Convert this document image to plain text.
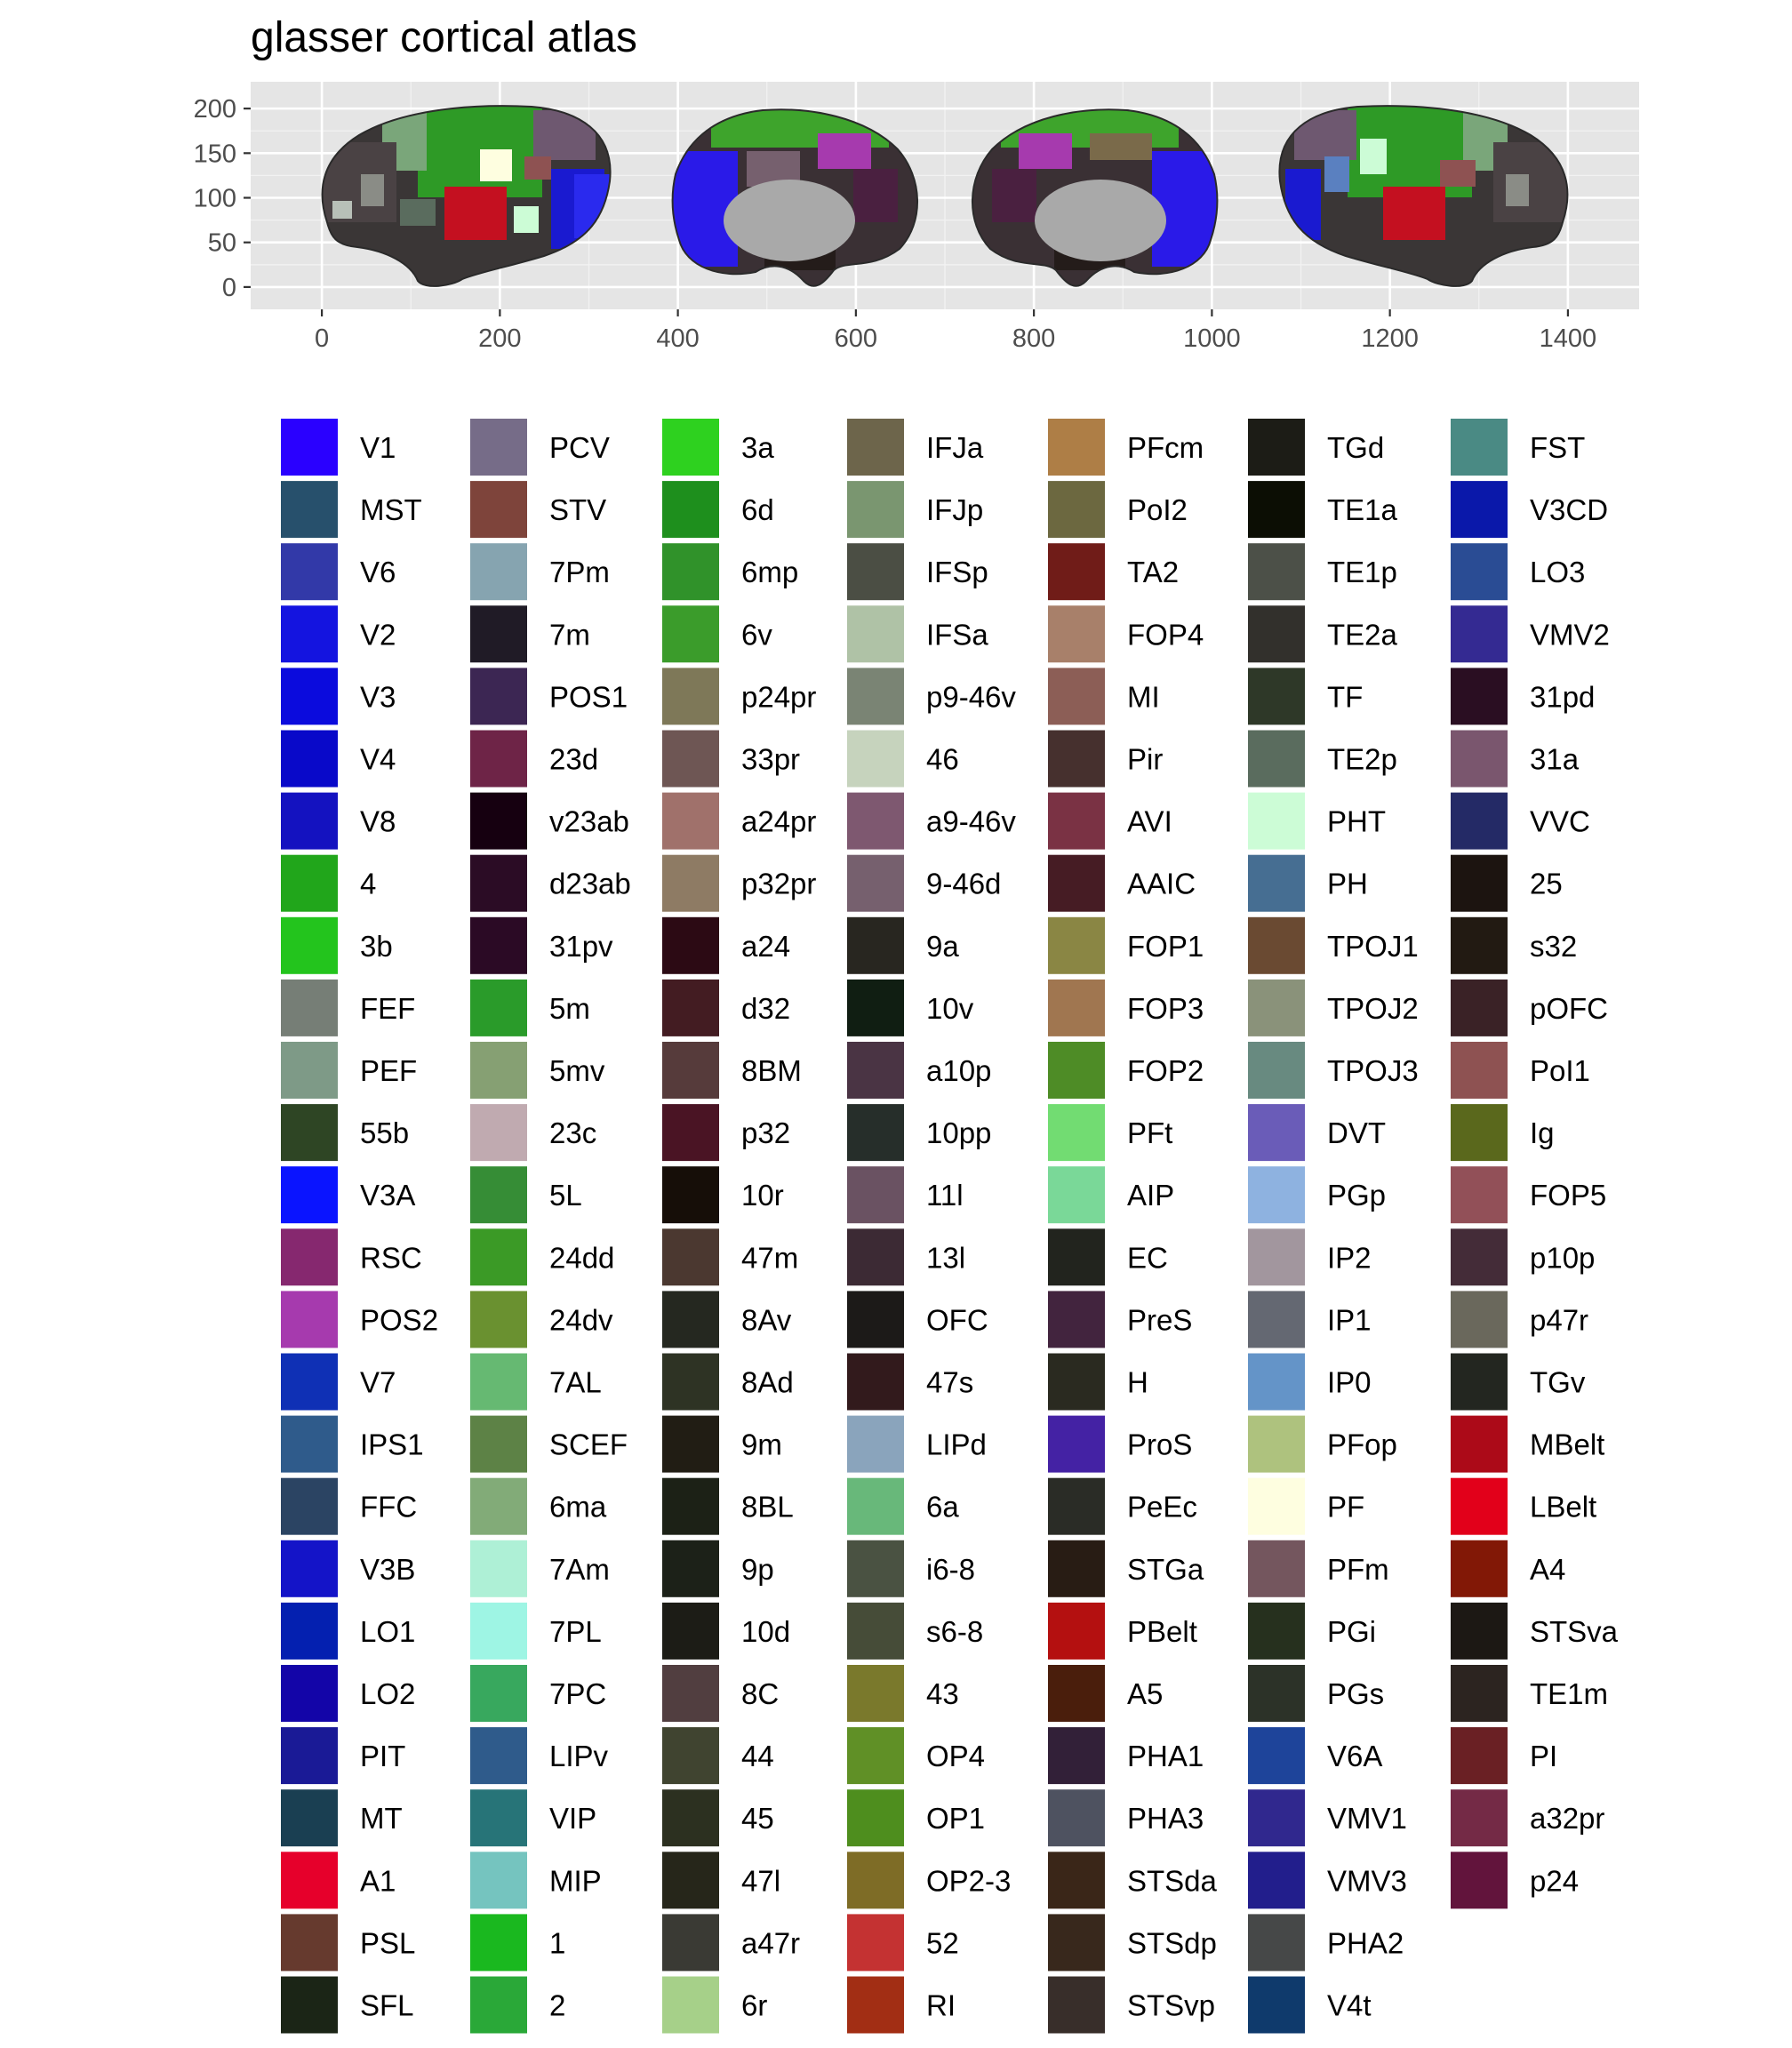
glasser cortical atlas
0	200	400	600	800	1000	1200	1400
0
50
100
150
200
V1
MST
V6
V2
V3
V4
V8
4
3b
FEF
PEF
55b
V3A
RSC
POS2
V7
IPS1
FFC
V3B
LO1
LO2
PIT
MT
A1
PSL
SFL
PCV
STV
7Pm
7m
POS1
23d
v23ab
d23ab
31pv
5m
5mv
23c
5L
24dd
24dv
7AL
SCEF
6ma
7Am
7PL
7PC
LIPv
VIP
MIP
1
2
3a
6d
6mp
6v
p24pr
33pr
a24pr
p32pr
a24
d32
8BM
p32
10r
47m
8Av
8Ad
9m
8BL
9p
10d
8C
44
45
47l
a47r
6r
IFJa
IFJp
IFSp
IFSa
p9-46v
46
a9-46v
9-46d
9a
10v
a10p
10pp
11l
13l
OFC
47s
LIPd
6a
i6-8
s6-8
43
OP4
OP1
OP2-3
52
RI
PFcm
PoI2
TA2
FOP4
MI
Pir
AVI
AAIC
FOP1
FOP3
FOP2
PFt
AIP
EC
PreS
H
ProS
PeEc
STGa
PBelt
A5
PHA1
PHA3
STSda
STSdp
STSvp
TGd
TE1a
TE1p
TE2a
TF
TE2p
PHT
PH
TPOJ1
TPOJ2
TPOJ3
DVT
PGp
IP2
IP1
IP0
PFop
PF
PFm
PGi
PGs
V6A
VMV1
VMV3
PHA2
V4t
FST
V3CD
LO3
VMV2
31pd
31a
VVC
25
s32
pOFC
PoI1
Ig
FOP5
p10p
p47r
TGv
MBelt
LBelt
A4
STSva
TE1m
PI
a32pr
p24
